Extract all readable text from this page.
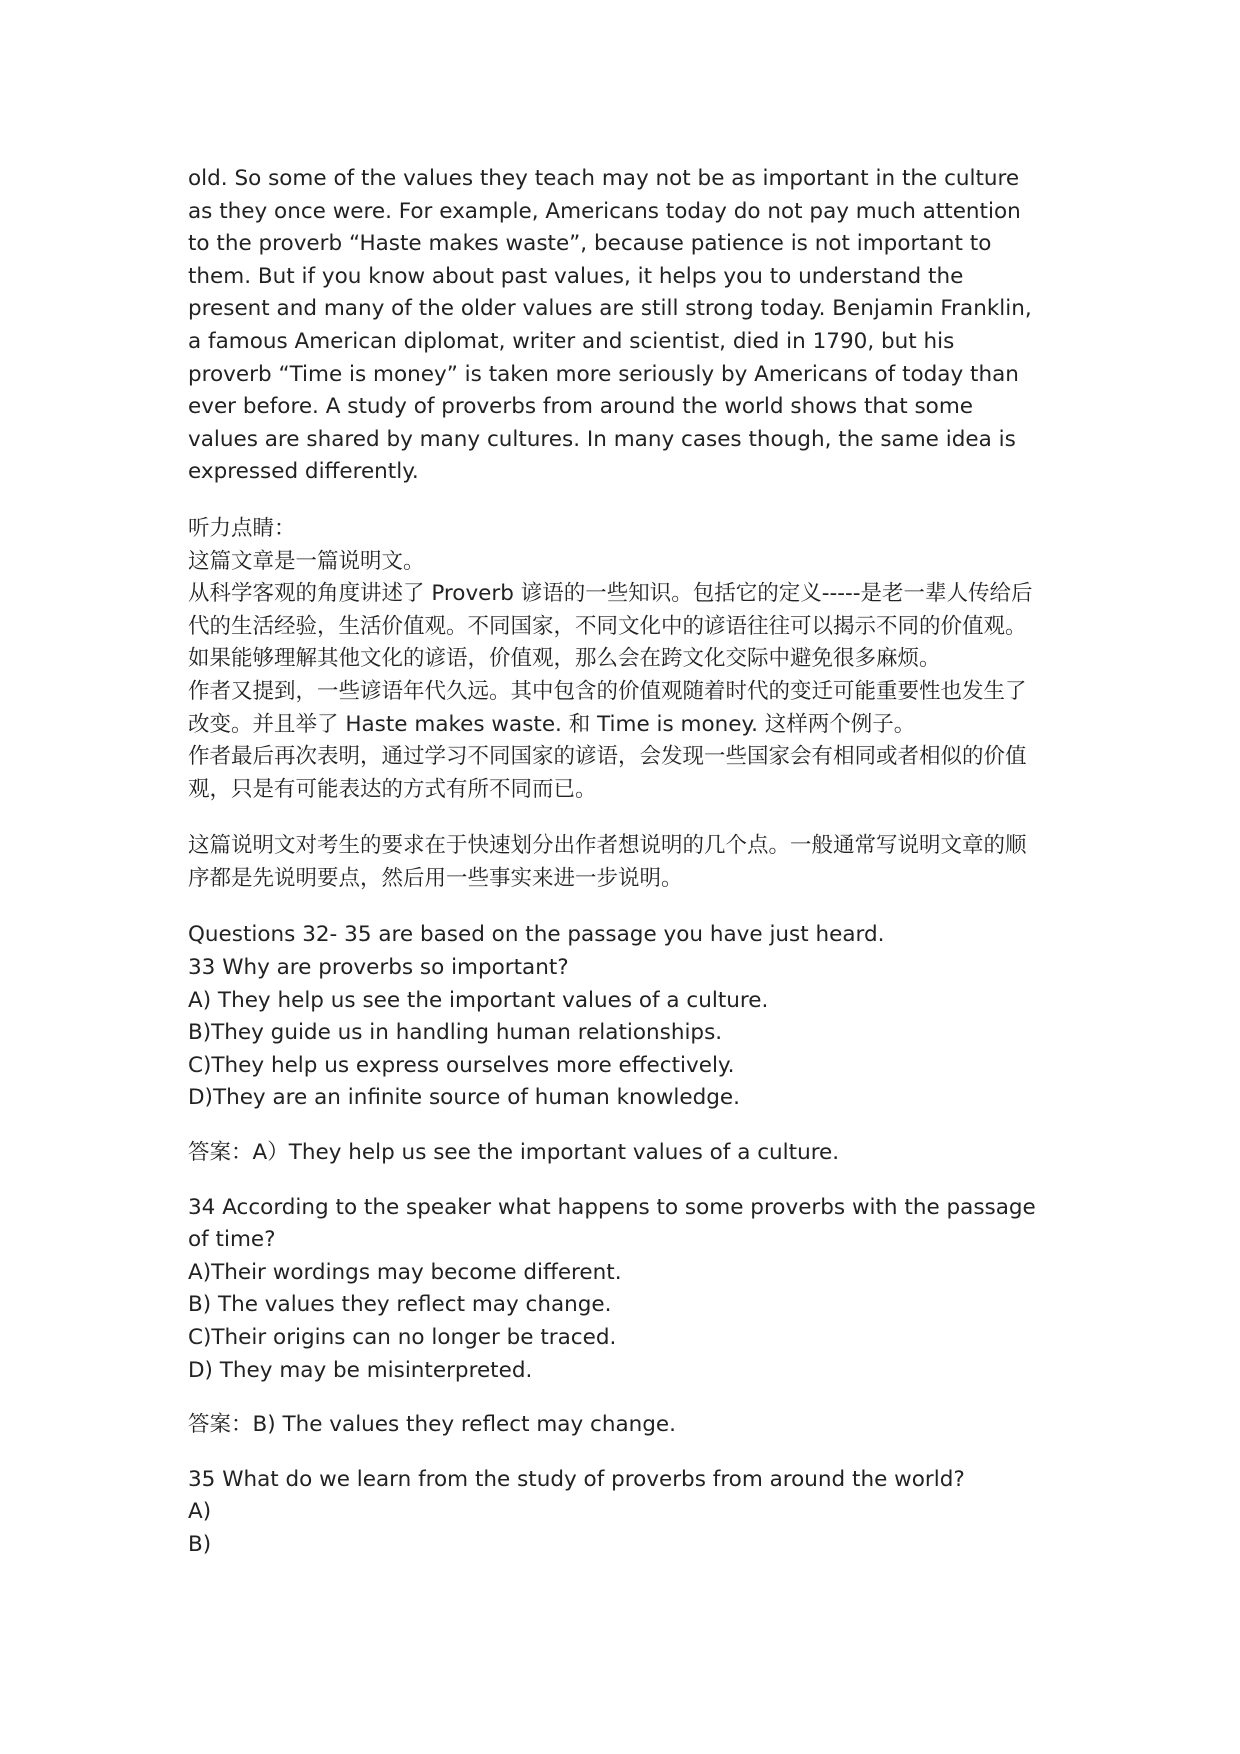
old. So some of the values they teach may not be as important in the culture

as they once were. For example, Americans today do not pay much attention

to the proverb “Haste makes waste”, because patience is not important to

them. But if you know about past values, it helps you to understand the

present and many of the older values are still strong today. Benjamin Franklin,

a famous American diplomat, writer and scientist, died in 1790, but his

proverb “Time is money” is taken more seriously by Americans of today than

ever before. A study of proverbs from around the world shows that some

values are shared by many cultures. In many cases though, the same idea is

expressed differently.

听力点睛：

这篇文章是一篇说明文。

从科学客观的角度讲述了 Proverb 谚语的一些知识。包括它的定义-----是老一辈人传给后

代的生活经验，生活价值观。不同国家，不同文化中的谚语往往可以揭示不同的价值观。

如果能够理解其他文化的谚语，价值观，那么会在跨文化交际中避免很多麻烦。

作者又提到，一些谚语年代久远。其中包含的价值观随着时代的变迁可能重要性也发生了

改变。并且举了 Haste makes waste. 和 Time is money. 这样两个例子。

作者最后再次表明，通过学习不同国家的谚语，会发现一些国家会有相同或者相似的价值

观，只是有可能表达的方式有所不同而已。

这篇说明文对考生的要求在于快速划分出作者想说明的几个点。一般通常写说明文章的顺

序都是先说明要点，然后用一些事实来进一步说明。

Questions 32- 35 are based on the passage you have just heard.

33 Why are proverbs so important?

A) They help us see the important values of a culture.

B)They guide us in handling human relationships.

C)They help us express ourselves more effectively.

D)They are an infinite source of human knowledge.

答案：A）They help us see the important values of a culture.

34 According to the speaker what happens to some proverbs with the passage

of time?

A)Their wordings may become different.

B) The values they reflect may change.

C)Their origins can no longer be traced.

D) They may be misinterpreted.

答案：B) The values they reflect may change.

35 What do we learn from the study of proverbs from around the world?

A)

B)
